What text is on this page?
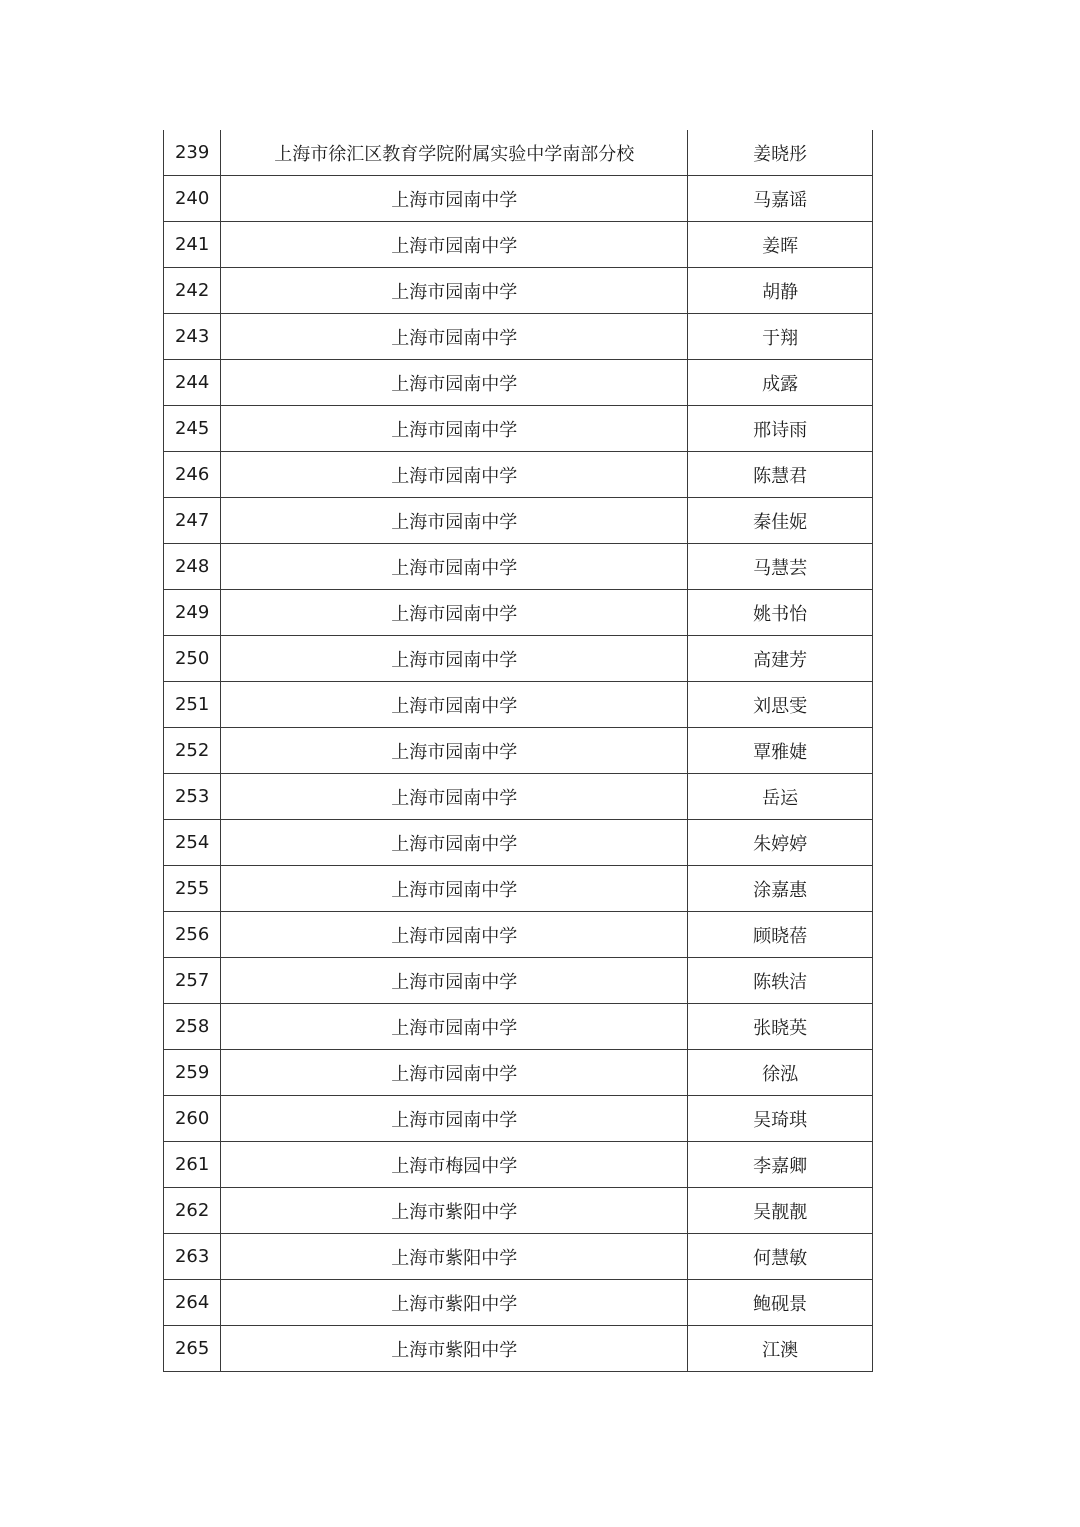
239	上海市徐汇区教育学院附属实验中学南部分校	姜晓彤
240	上海市园南中学	马嘉谣
241	上海市园南中学	姜晖
242	上海市园南中学	胡静
243	上海市园南中学	于翔
244	上海市园南中学	成露
245	上海市园南中学	邢诗雨
246	上海市园南中学	陈慧君
247	上海市园南中学	秦佳妮
248	上海市园南中学	马慧芸
249	上海市园南中学	姚书怡
250	上海市园南中学	高建芳
251	上海市园南中学	刘思雯
252	上海市园南中学	覃雅婕
253	上海市园南中学	岳运
254	上海市园南中学	朱婷婷
255	上海市园南中学	涂嘉惠
256	上海市园南中学	顾晓蓓
257	上海市园南中学	陈轶洁
258	上海市园南中学	张晓英
259	上海市园南中学	徐泓
260	上海市园南中学	吴琦琪
261	上海市梅园中学	李嘉卿
262	上海市紫阳中学	吴靓靓
263	上海市紫阳中学	何慧敏
264	上海市紫阳中学	鲍砚景
265	上海市紫阳中学	江澳
